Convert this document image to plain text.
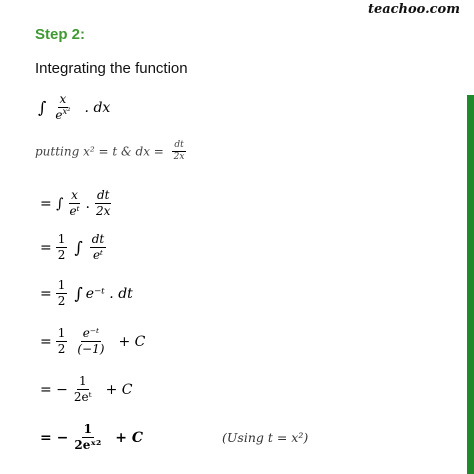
teachoo.com
Step 2:
Integrating the function
∫ $\frac{x}{e^{x^2}}$ . dx
putting x² = t & dx = $\frac{dt}{2x}$
= ∫ $\frac{x}{\text{eᵗ}}$ . $\frac{dt}{2x}$
= $\frac{1}{2}$ ∫ $\frac{dt}{\text{eᵗ}}$
= $\frac{1}{2}$ ∫ e⁻ᵗ . dt
= $\frac{1}{2} \frac{\text{e⁻ᵗ}}{(-1)} + C$
= − $\frac{1}{\text{2eᵗ}} + C$
= − $\frac{1}{\text{2eˣ²}} + C$	(Using t = x²)
